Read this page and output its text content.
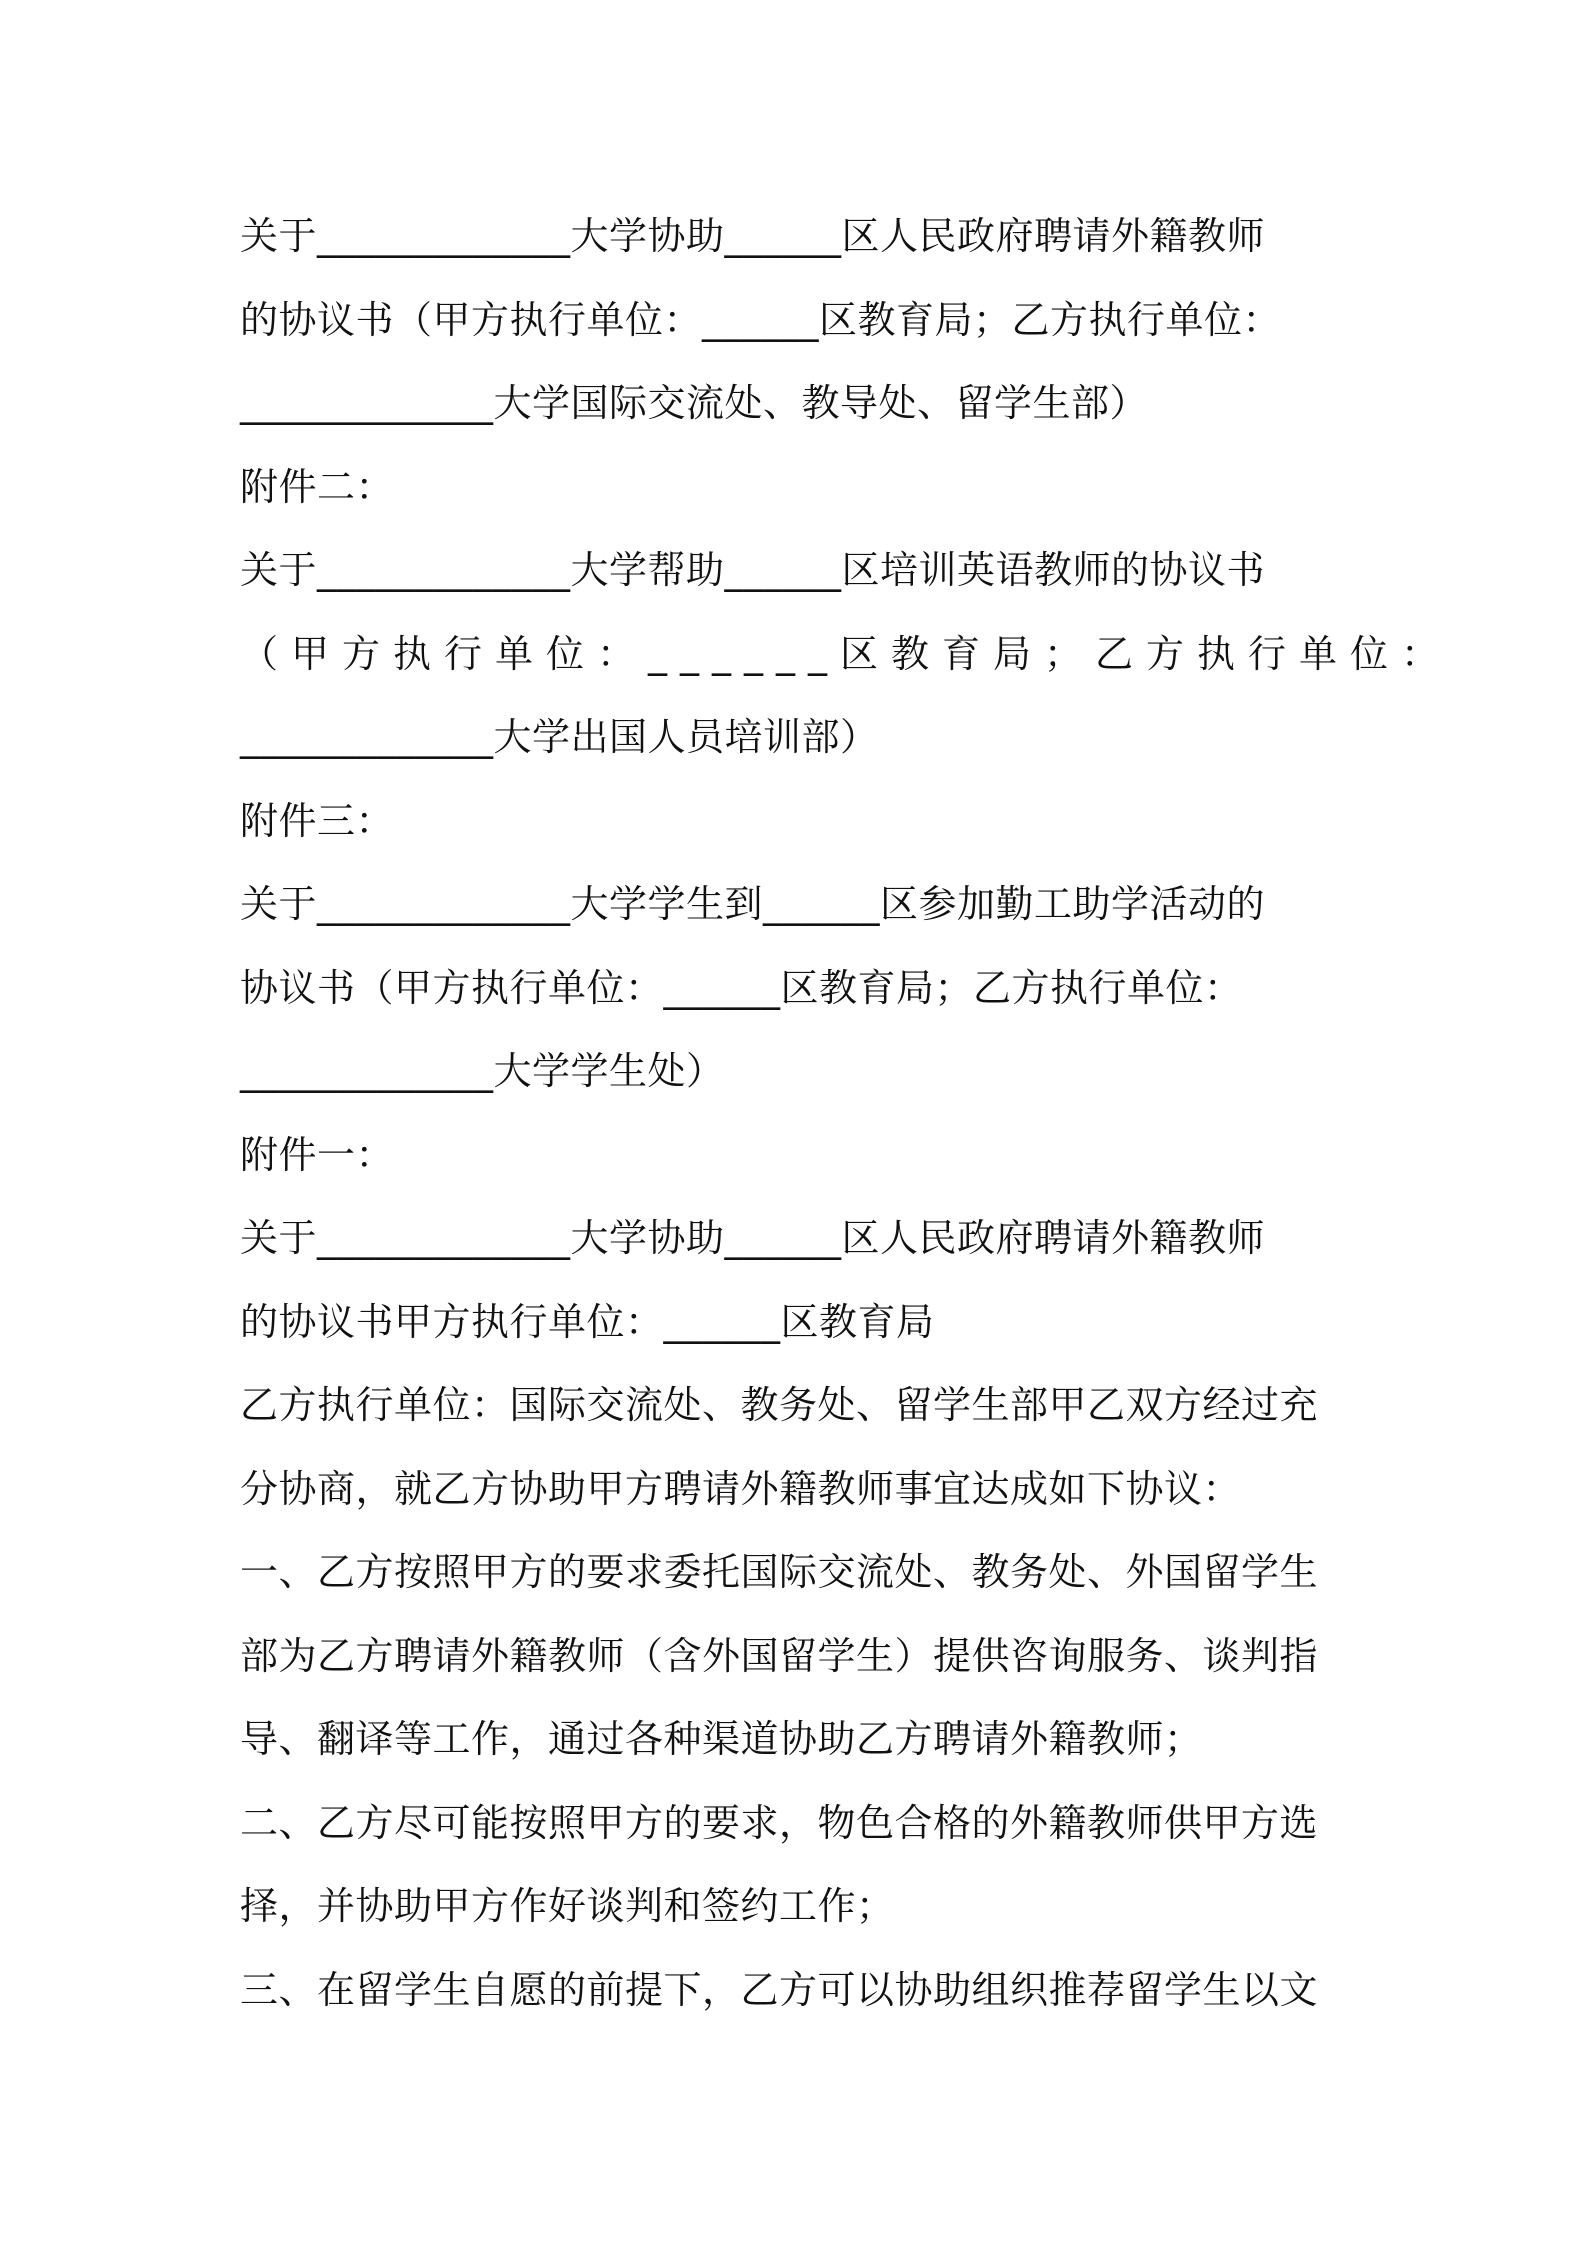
关于_____________大学协助______区人民政府聘请外籍教师
的协议书（甲方执行单位：______区教育局；乙方执行单位：
_____________大学国际交流处、教导处、留学生部）
附件二：
关于_____________大学帮助______区培训英语教师的协议书
（甲方执行单位：______区教育局；乙方执行单位：
_____________大学出国人员培训部）
附件三：
关于_____________大学学生到______区参加勤工助学活动的
协议书（甲方执行单位：______区教育局；乙方执行单位：
_____________大学学生处）
附件一：
关于_____________大学协助______区人民政府聘请外籍教师
的协议书甲方执行单位：______区教育局
乙方执行单位：国际交流处、教务处、留学生部甲乙双方经过充
分协商，就乙方协助甲方聘请外籍教师事宜达成如下协议：
一、乙方按照甲方的要求委托国际交流处、教务处、外国留学生
部为乙方聘请外籍教师（含外国留学生）提供咨询服务、谈判指
导、翻译等工作，通过各种渠道协助乙方聘请外籍教师；
二、乙方尽可能按照甲方的要求，物色合格的外籍教师供甲方选
择，并协助甲方作好谈判和签约工作；
三、在留学生自愿的前提下，乙方可以协助组织推荐留学生以文
